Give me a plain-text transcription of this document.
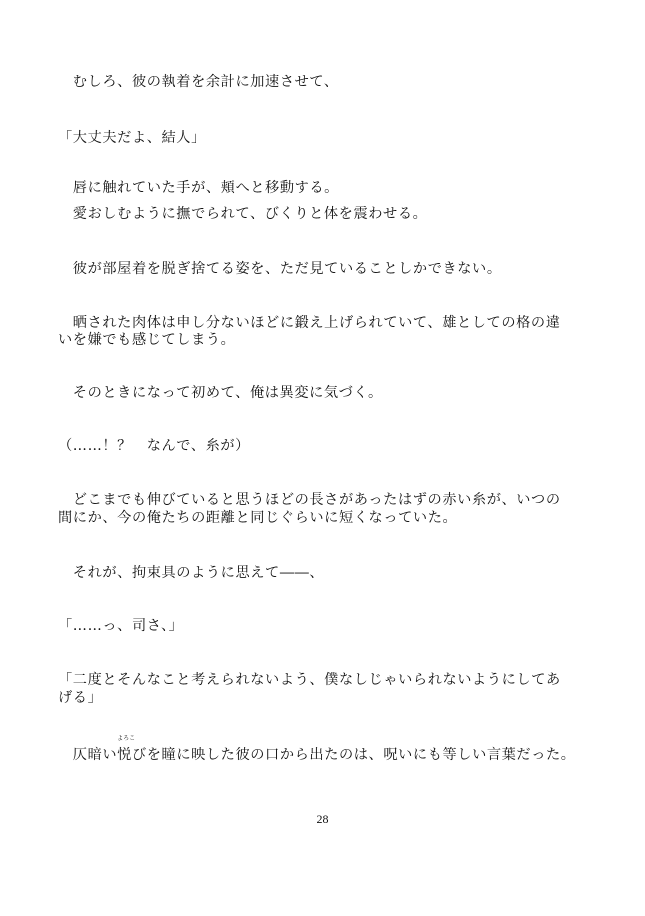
　むしろ、彼の執着を余計に加速させて、
「大丈夫だよ、結人」
　唇に触れていた手が、頬へと移動する。
　愛おしむように撫でられて、びくりと体を震わせる。
　彼が部屋着を脱ぎ捨てる姿を、ただ見ていることしかできない。
　晒された肉体は申し分ないほどに鍛え上げられていて、雄としての格の違
いを嫌でも感じてしまう。
　そのときになって初めて、俺は異変に気づく。
（……！？　なんで、糸が）
　どこまでも伸びていると思うほどの長さがあったはずの赤い糸が、いつの
間にか、今の俺たちの距離と同じぐらいに短くなっていた。
　それが、拘束具のように思えて――、
「……っ、司さ、」
「二度とそんなこと考えられないよう、僕なしじゃいられないようにしてあ
げる」
　仄暗い
よろこ
悦びを瞳に映した彼の口から出たのは、呪いにも等しい言葉だった。
28
